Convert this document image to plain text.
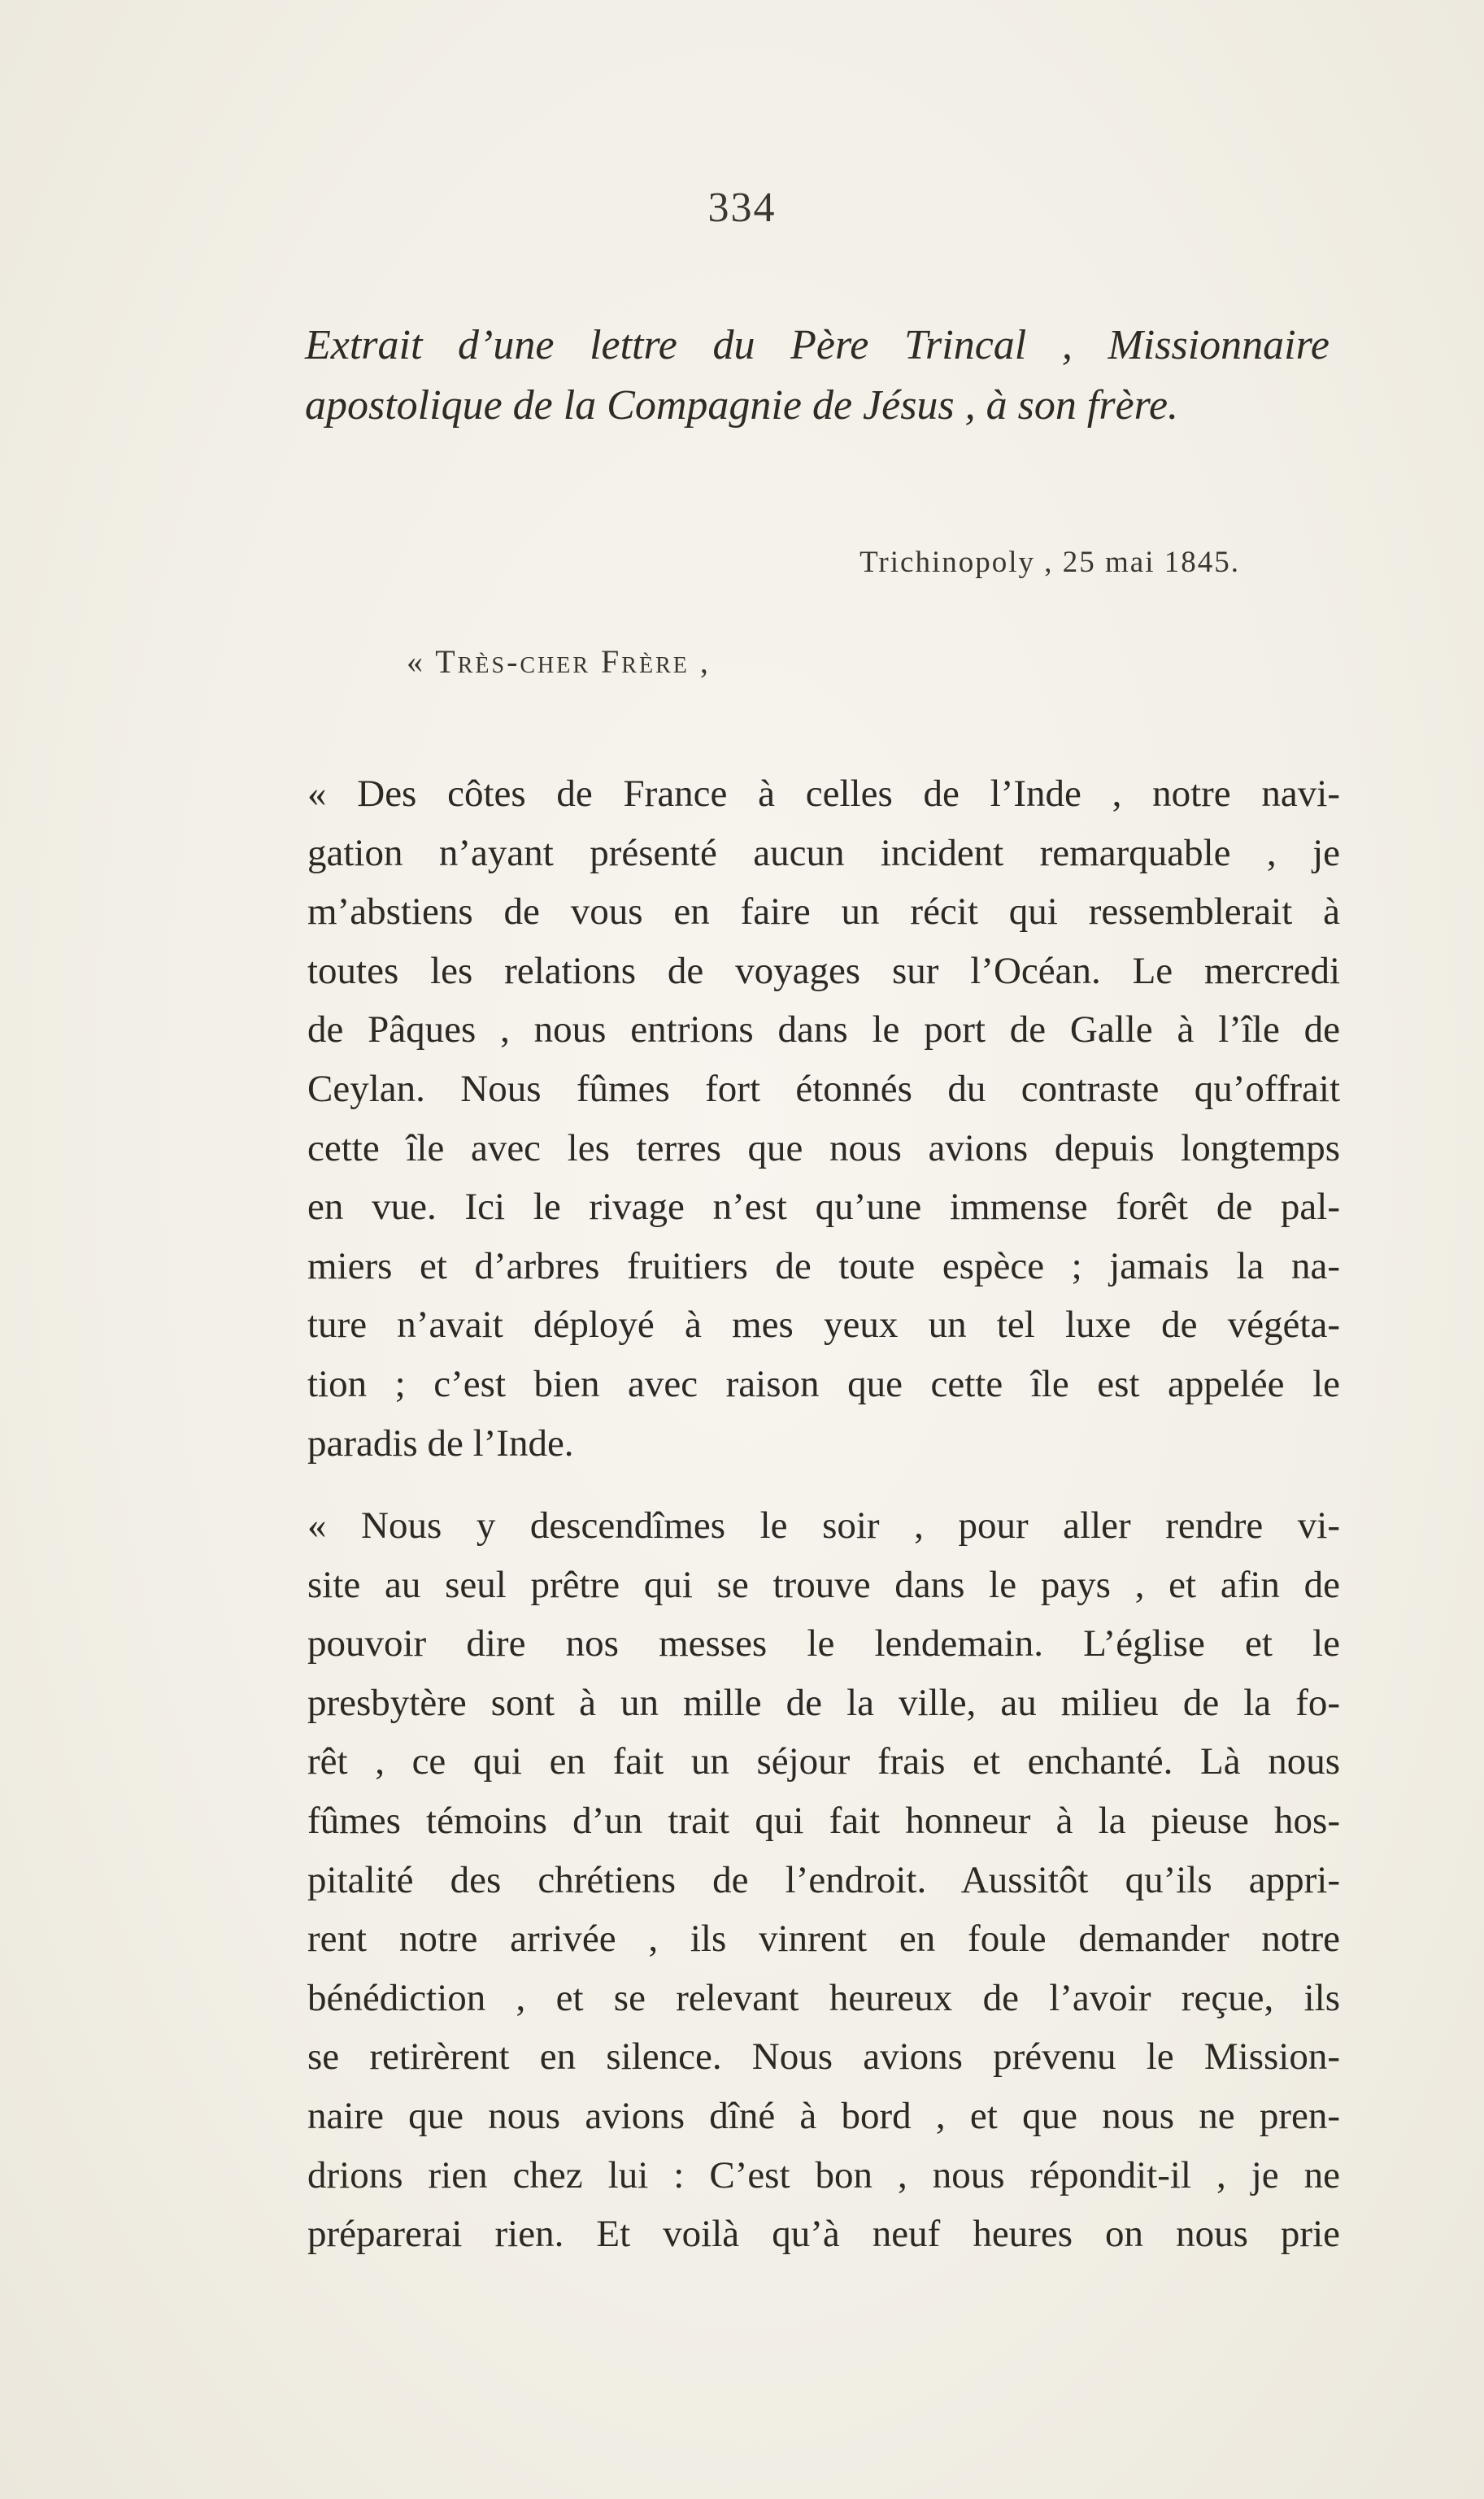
334
Extrait d’une lettre du Père Trincal , Missionnaire
apostolique de la Compagnie de Jésus , à son frère.
Trichinopoly , 25 mai 1845.
« Très-cher Frère ,
« Des côtes de France à celles de l’Inde , notre navi-
gation n’ayant présenté aucun incident remarquable , je
m’abstiens de vous en faire un récit qui ressemblerait à
toutes les relations de voyages sur l’Océan. Le mercredi
de Pâques , nous entrions dans le port de Galle à l’île de
Ceylan. Nous fûmes fort étonnés du contraste qu’offrait
cette île avec les terres que nous avions depuis longtemps
en vue. Ici le rivage n’est qu’une immense forêt de pal-
miers et d’arbres fruitiers de toute espèce ; jamais la na-
ture n’avait déployé à mes yeux un tel luxe de végéta-
tion ; c’est bien avec raison que cette île est appelée le
paradis de l’Inde.
« Nous y descendîmes le soir , pour aller rendre vi-
site au seul prêtre qui se trouve dans le pays , et afin de
pouvoir dire nos messes le lendemain. L’église et le
presbytère sont à un mille de la ville, au milieu de la fo-
rêt , ce qui en fait un séjour frais et enchanté. Là nous
fûmes témoins d’un trait qui fait honneur à la pieuse hos-
pitalité des chrétiens de l’endroit. Aussitôt qu’ils appri-
rent notre arrivée , ils vinrent en foule demander notre
bénédiction , et se relevant heureux de l’avoir reçue, ils
se retirèrent en silence. Nous avions prévenu le Mission-
naire que nous avions dîné à bord , et que nous ne pren-
drions rien chez lui : C’est bon , nous répondit-il , je ne
préparerai rien. Et voilà qu’à neuf heures on nous prie
